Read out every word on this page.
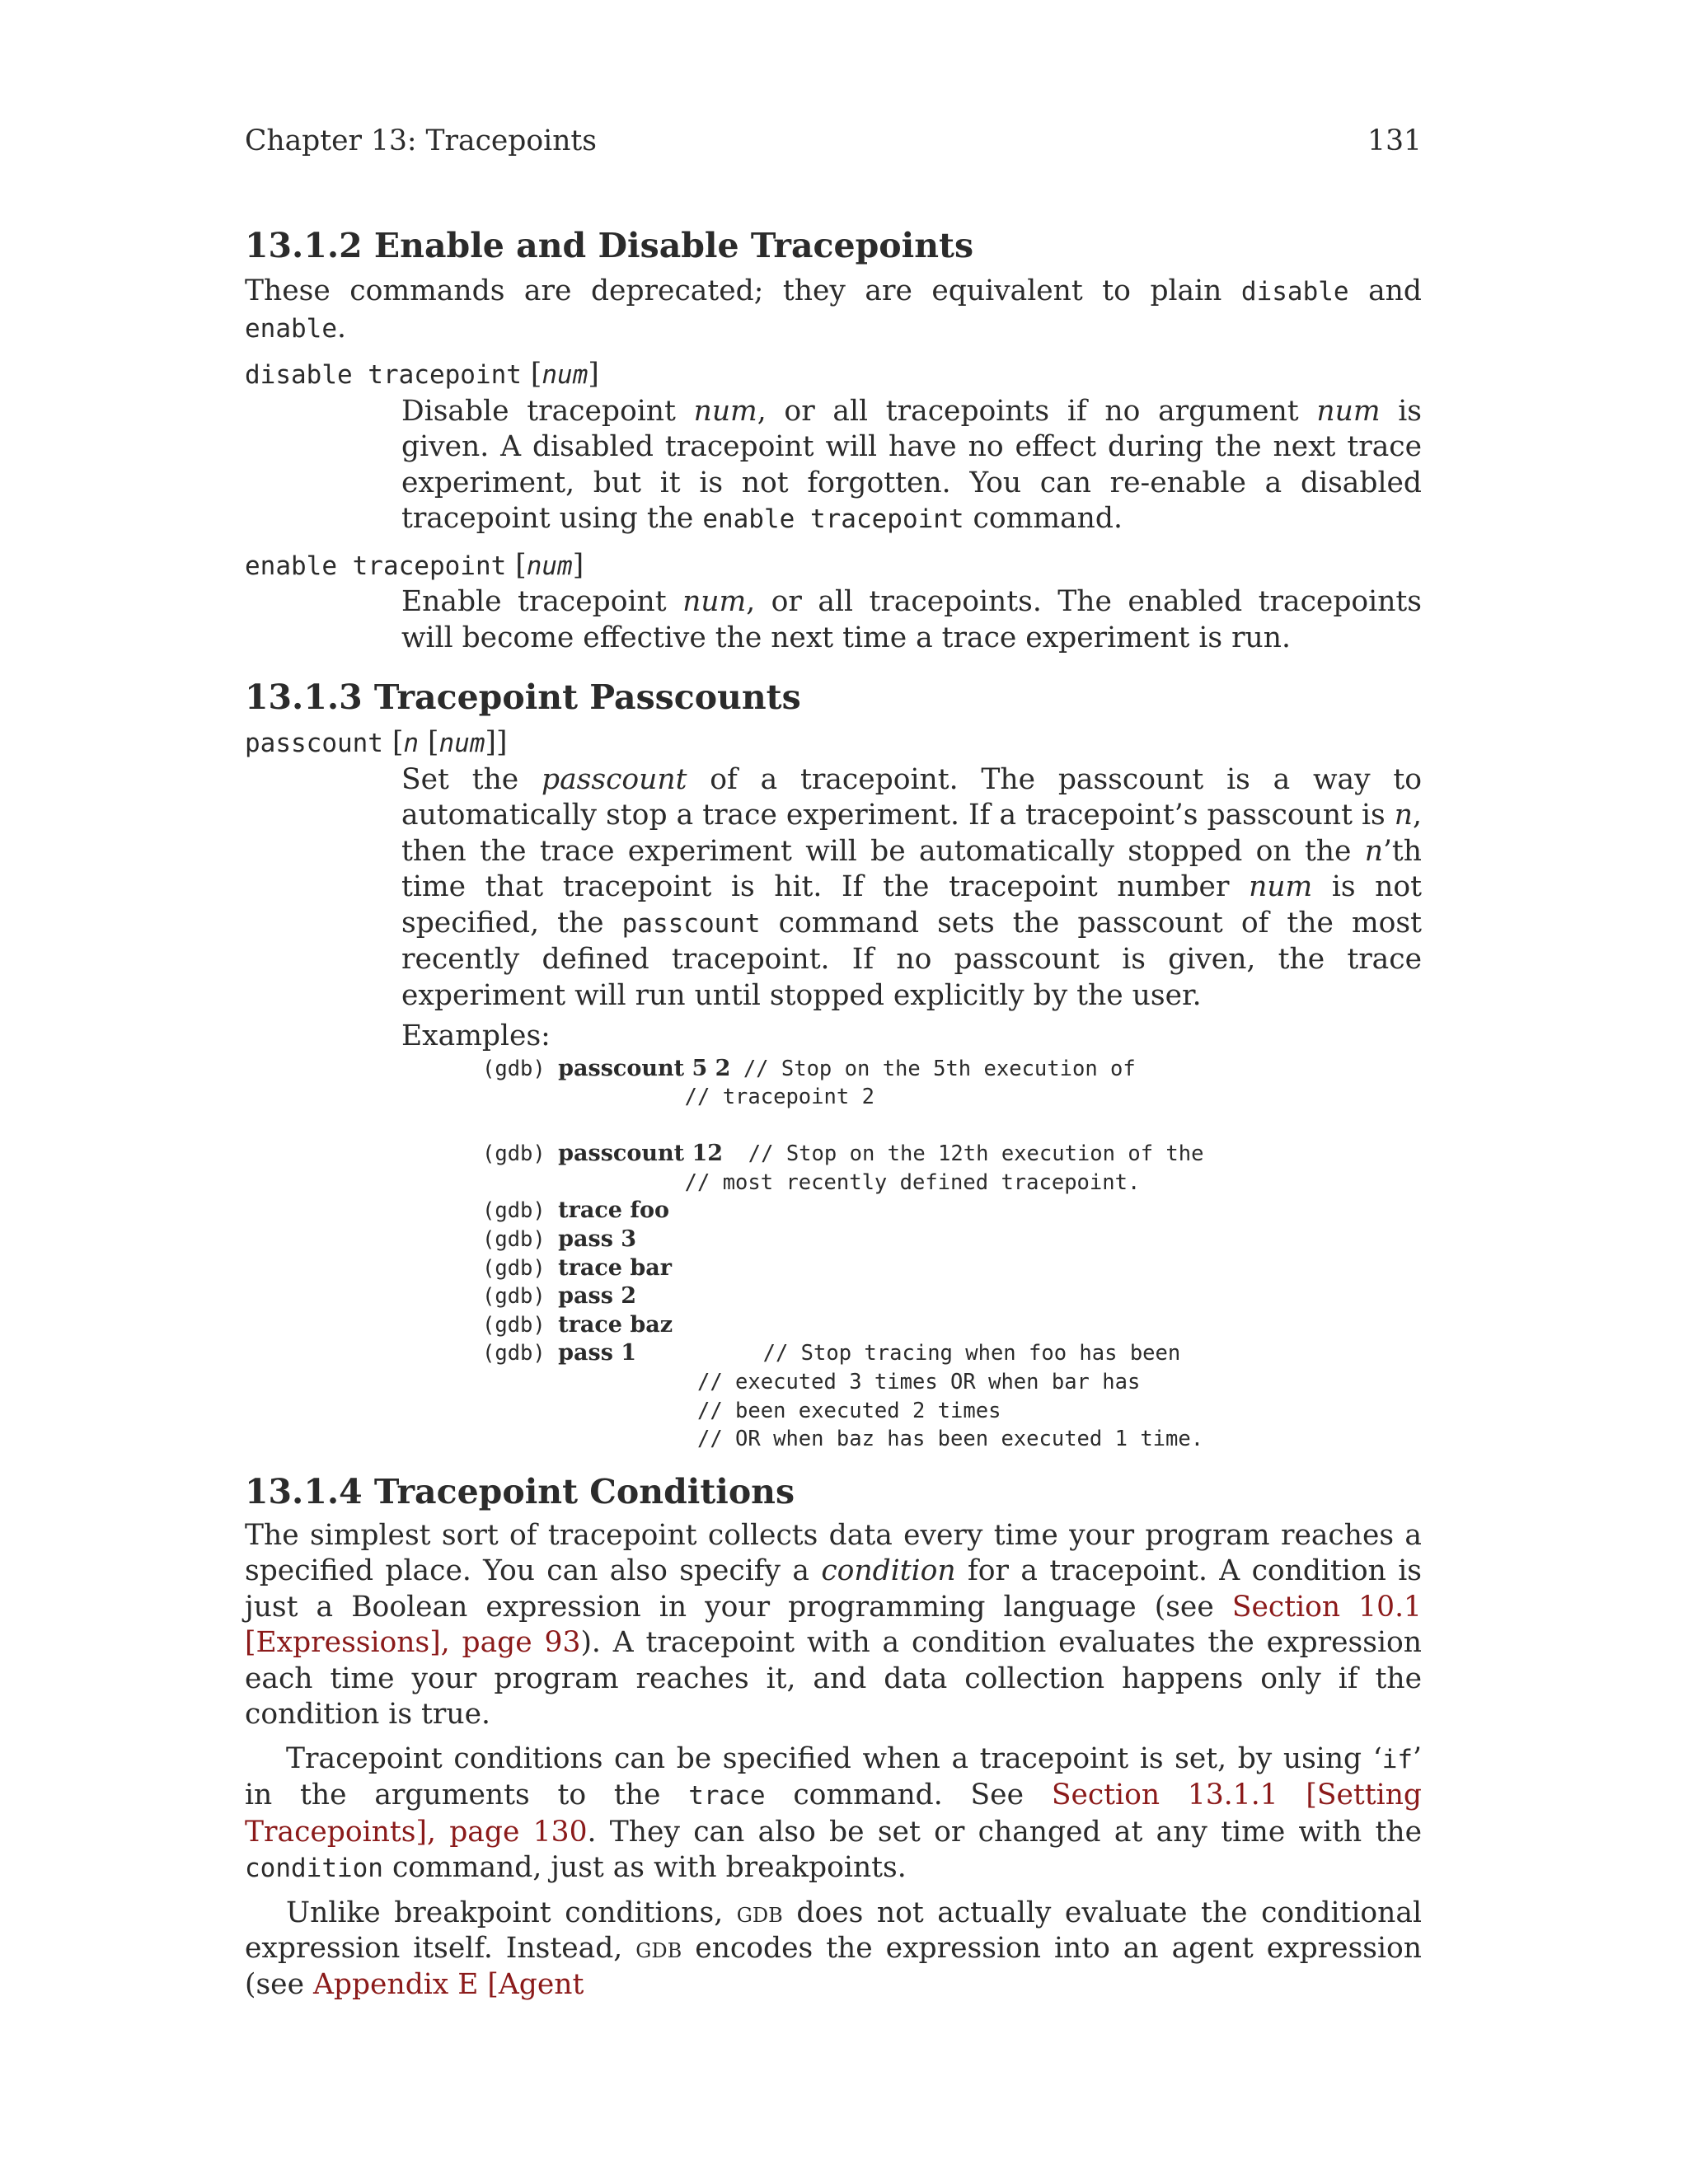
Chapter 13: Tracepoints	131
13.1.2 Enable and Disable Tracepoints

These commands are deprecated; they are equivalent to plain disable and enable.

disable tracepoint [num]

Disable tracepoint num, or all tracepoints if no argument num is given. A disabled tracepoint will have no effect during the next trace experiment, but it is not forgotten. You can re-enable a disabled tracepoint using the enable tracepoint command.

enable tracepoint [num]

Enable tracepoint num, or all tracepoints. The enabled tracepoints will become effective the next time a trace experiment is run.

13.1.3 Tracepoint Passcounts
passcount [n [num]]

Set the passcount of a tracepoint. The passcount is a way to automatically stop a trace experiment. If a tracepoint’s passcount is n, then the trace experiment will be automatically stopped on the n’th time that tracepoint is hit. If the tracepoint number num is not specified, the passcount command sets the passcount of the most recently defined tracepoint. If no passcount is given, the trace experiment will run until stopped explicitly by the user.

Examples:

(gdb) passcount 5 2 // Stop on the 5th execution of
// tracepoint 2

(gdb) passcount 12  // Stop on the 12th execution of the
// most recently defined tracepoint.
(gdb) trace foo
(gdb) pass 3
(gdb) trace bar
(gdb) pass 2
(gdb) trace baz
(gdb) pass 1          // Stop tracing when foo has been
// executed 3 times OR when bar has
// been executed 2 times
// OR when baz has been executed 1 time.
13.1.4 Tracepoint Conditions

The simplest sort of tracepoint collects data every time your program reaches a specified place. You can also specify a condition for a tracepoint. A condition is just a Boolean expression in your programming language (see Section 10.1 [Expressions], page 93). A tracepoint with a condition evaluates the expression each time your program reaches it, and data collection happens only if the condition is true.

Tracepoint conditions can be specified when a tracepoint is set, by using ‘if’ in the arguments to the trace command. See Section 13.1.1 [Setting Tracepoints], page 130. They can also be set or changed at any time with the condition command, just as with breakpoints.

Unlike breakpoint conditions, gdb does not actually evaluate the conditional expression itself. Instead, gdb encodes the expression into an agent expression (see Appendix E [Agent
